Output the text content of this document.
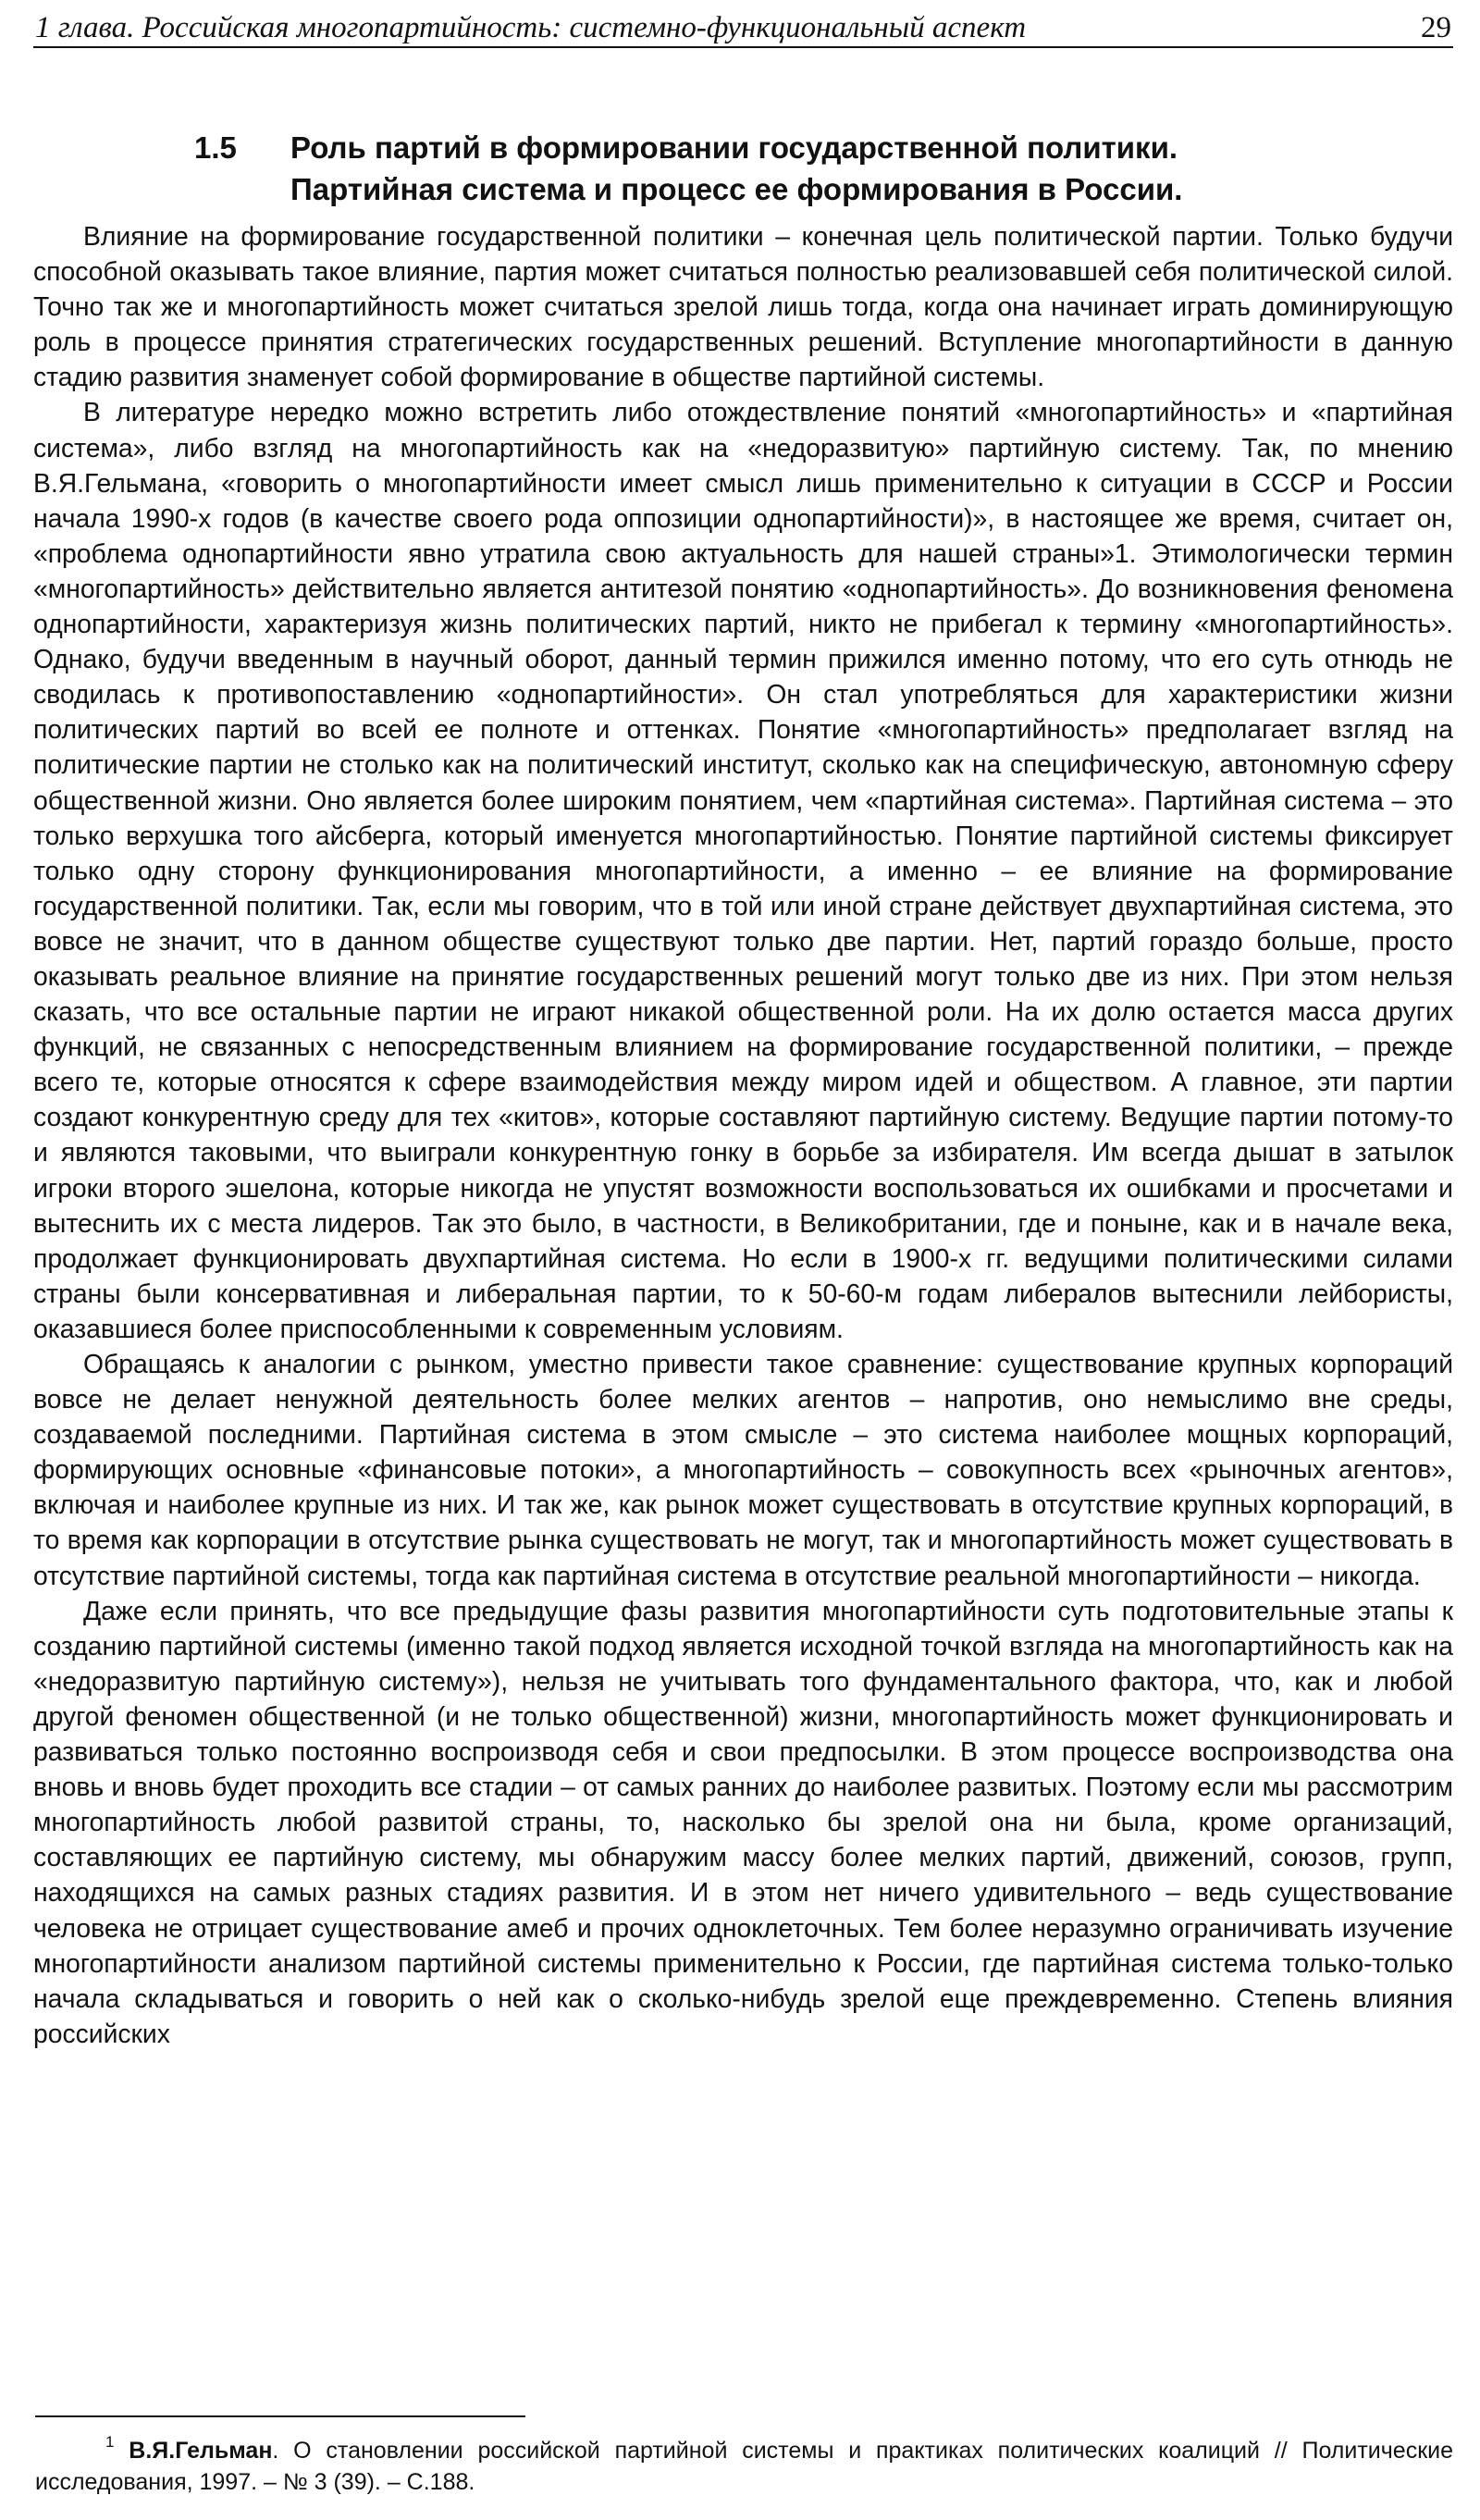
1 глава. Российская многопартийность: системно-функциональный аспект	29
1.5 Роль партий в формировании государственной политики.
Партийная система и процесс ее формирования в России.

Влияние на формирование государственной политики – конечная цель политической партии. Только будучи способной оказывать такое влияние, партия может считаться полностью реализовавшей себя политической силой. Точно так же и многопартийность может считаться зрелой лишь тогда, когда она начинает играть доминирующую роль в процессе принятия стратегических государственных решений. Вступление многопартийности в данную стадию развития знаменует собой формирование в обществе партийной системы.

В литературе нередко можно встретить либо отождествление понятий «многопартийность» и «партийная система», либо взгляд на многопартийность как на «недоразвитую» партийную систему. Так, по мнению В.Я.Гельмана, «говорить о многопартийности имеет смысл лишь применительно к ситуации в СССР и России начала 1990-х годов (в качестве своего рода оппозиции однопартийности)», в настоящее же время, считает он, «проблема однопартийности явно утратила свою актуальность для нашей страны»1. Этимологически термин «многопартийность» действительно является антитезой понятию «однопартийность». До возникновения феномена однопартийности, характеризуя жизнь политических партий, никто не прибегал к термину «многопартийность». Однако, будучи введенным в научный оборот, данный термин прижился именно потому, что его суть отнюдь не сводилась к противопоставлению «однопартийности». Он стал употребляться для характеристики жизни политических партий во всей ее полноте и оттенках. Понятие «многопартийность» предполагает взгляд на политические партии не столько как на политический институт, сколько как на специфическую, автономную сферу общественной жизни. Оно является более широким понятием, чем «партийная система». Партийная система – это только верхушка того айсберга, который именуется многопартийностью. Понятие партийной системы фиксирует только одну сторону функционирования многопартийности, а именно – ее влияние на формирование государственной политики. Так, если мы говорим, что в той или иной стране действует двухпартийная система, это вовсе не значит, что в данном обществе существуют только две партии. Нет, партий гораздо больше, просто оказывать реальное влияние на принятие государственных решений могут только две из них. При этом нельзя сказать, что все остальные партии не играют никакой общественной роли. На их долю остается масса других функций, не связанных с непосредственным влиянием на формирование государственной политики, – прежде всего те, которые относятся к сфере взаимодействия между миром идей и обществом. А главное, эти партии создают конкурентную среду для тех «китов», которые составляют партийную систему. Ведущие партии потому-то и являются таковыми, что выиграли конкурентную гонку в борьбе за избирателя. Им всегда дышат в затылок игроки второго эшелона, которые никогда не упустят возможности воспользоваться их ошибками и просчетами и вытеснить их с места лидеров. Так это было, в частности, в Великобритании, где и поныне, как и в начале века, продолжает функционировать двухпартийная система. Но если в 1900-х гг. ведущими политическими силами страны были консервативная и либеральная партии, то к 50-60-м годам либералов вытеснили лейбористы, оказавшиеся более приспособленными к современным условиям.

Обращаясь к аналогии с рынком, уместно привести такое сравнение: существование крупных корпораций вовсе не делает ненужной деятельность более мелких агентов – напротив, оно немыслимо вне среды, создаваемой последними. Партийная система в этом смысле – это система наиболее мощных корпораций, формирующих основные «финансовые потоки», а многопартийность – совокупность всех «рыночных агентов», включая и наиболее крупные из них. И так же, как рынок может существовать в отсутствие крупных корпораций, в то время как корпорации в отсутствие рынка существовать не могут, так и многопартийность может существовать в отсутствие партийной системы, тогда как партийная система в отсутствие реальной многопартийности – никогда.

Даже если принять, что все предыдущие фазы развития многопартийности суть подготовительные этапы к созданию партийной системы (именно такой подход является исходной точкой взгляда на многопартийность как на «недоразвитую партийную систему»), нельзя не учитывать того фундаментального фактора, что, как и любой другой феномен общественной (и не только общественной) жизни, многопартийность может функционировать и развиваться только постоянно воспроизводя себя и свои предпосылки. В этом процессе воспроизводства она вновь и вновь будет проходить все стадии – от самых ранних до наиболее развитых. Поэтому если мы рассмотрим многопартийность любой развитой страны, то, насколько бы зрелой она ни была, кроме организаций, составляющих ее партийную систему, мы обнаружим массу более мелких партий, движений, союзов, групп, находящихся на самых разных стадиях развития. И в этом нет ничего удивительного – ведь существование человека не отрицает существование амеб и прочих одноклеточных. Тем более неразумно ограничивать изучение многопартийности анализом партийной системы применительно к России, где партийная система только-только начала складываться и говорить о ней как о сколько-нибудь зрелой еще преждевременно. Степень влияния российских

$^1$ В.Я.Гельман. О становлении российской партийной системы и практиках политических коалиций // Политические исследования, 1997. – № 3 (39). – С.188.
